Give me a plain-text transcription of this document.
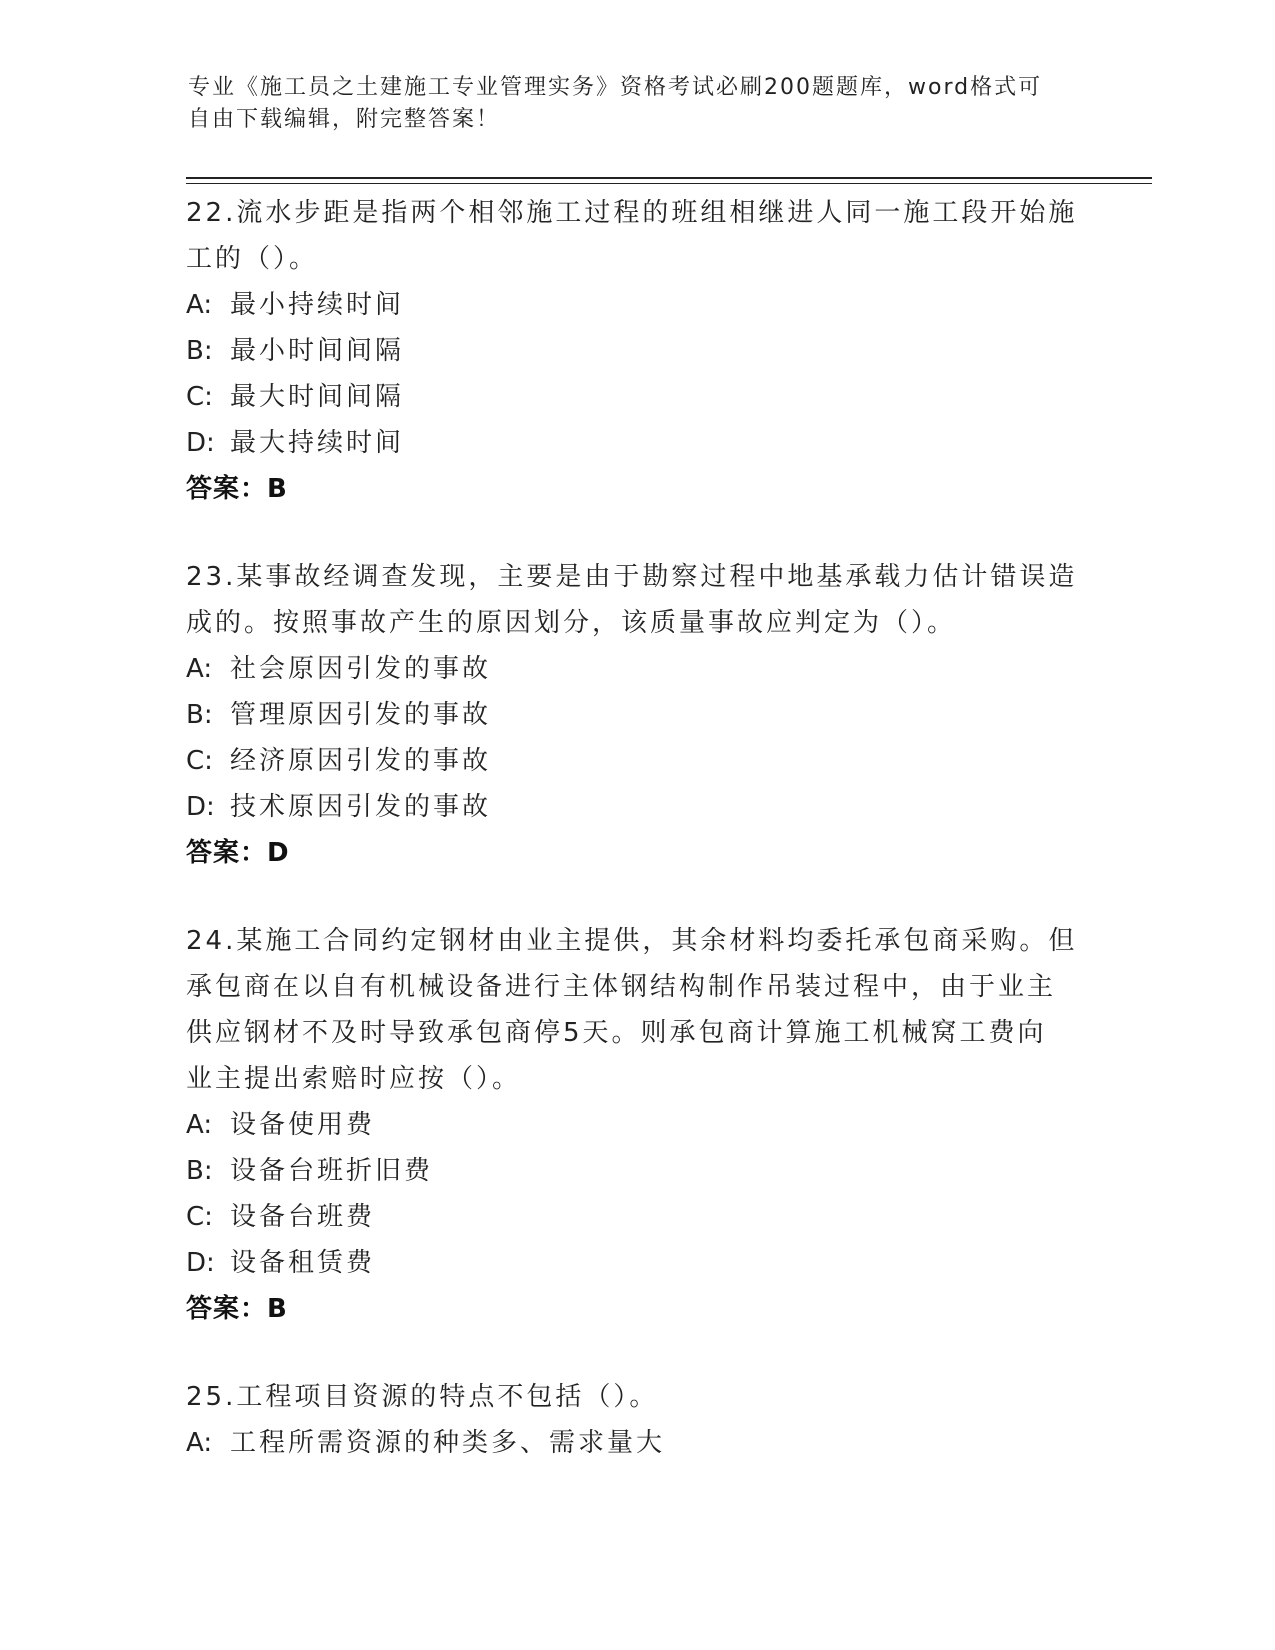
专业《施工员之土建施工专业管理实务》资格考试必刷200题题库，word格式可
自由下载编辑，附完整答案！

22.流水步距是指两个相邻施工过程的班组相继进人同一施工段开始施

工的（）。

A: 最小持续时间
B: 最小时间间隔
C: 最大时间间隔
D: 最大持续时间
答案：B

23.某事故经调查发现，主要是由于勘察过程中地基承载力估计错误造

成的。按照事故产生的原因划分，该质量事故应判定为（）。

A: 社会原因引发的事故
B: 管理原因引发的事故
C: 经济原因引发的事故
D: 技术原因引发的事故
答案：D

24.某施工合同约定钢材由业主提供，其余材料均委托承包商采购。但

承包商在以自有机械设备进行主体钢结构制作吊装过程中，由于业主

供应钢材不及时导致承包商停5天。则承包商计算施工机械窝工费向

业主提出索赔时应按（）。

A: 设备使用费
B: 设备台班折旧费
C: 设备台班费
D: 设备租赁费
答案：B

25.工程项目资源的特点不包括（）。

A: 工程所需资源的种类多、需求量大
